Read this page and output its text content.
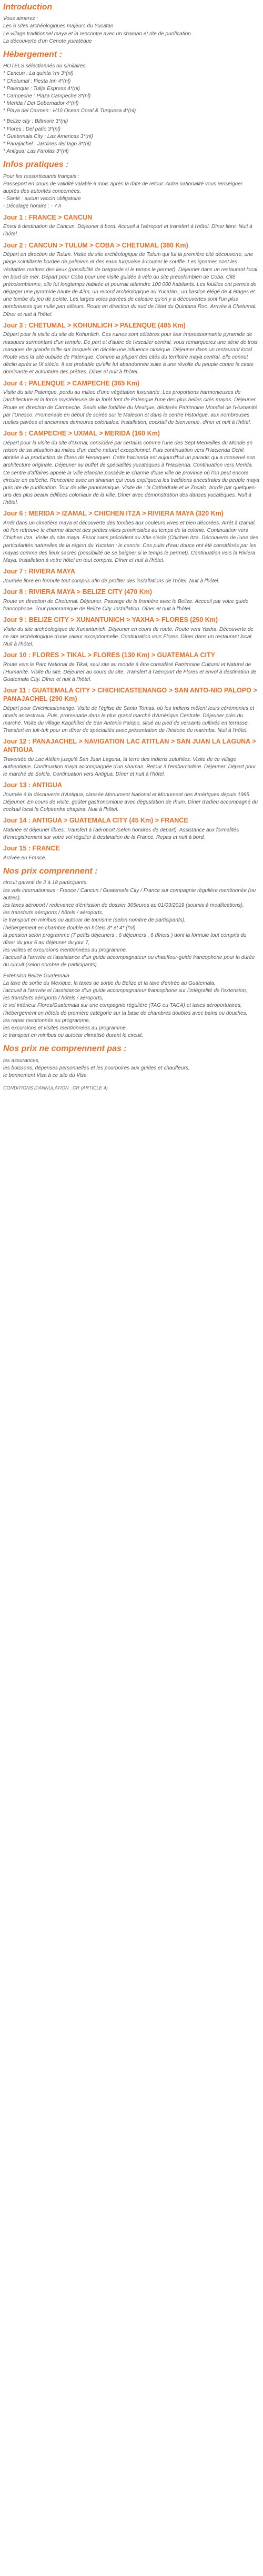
Introduction

Vous aimerez :

Les 6 sites archéologiques majeurs du Yucatan

Le village traditionnel maya et la rencontre avec un shaman et rite de purification.

La découverte d'un Cenote yucatèque

Hébergement :

HOTELS sélectionnés ou similaires

* Cancun : La quinta 'rm 3*(nl)

* Chetumal : Fiesta Inn 4*(nl)

* Palenque : Tulija Express 4*(nl)

* Campeche : Plaza Campeche 3*(nl)

* Merida / Del Gobernador 4*(nl)

* Playa del Carmen : H10 Ocean Coral & Turquesa 4*(nl)

* Belize city : Biltmore 3*(nl)

* Flores : Del patio 3*(nl)

* Guatemala City : Las Americas 3*(nl)

* Panajachel : Jardines del lago 3*(nl)

* Antigua: Las Farolas 3*(nl)

Infos pratiques :

Pour les ressortissants français :

Passeport en cours de validité valable 6 mois après la date de retour. Autre nationalité vous renseigner auprès des autorités concernées.

- Santé : aucun vaccin obligatoire

- Décalage horaire : - 7 h

Jour 1 : FRANCE > CANCUN

Envol à destination de Cancun. Déjeuner à bord. Accueil à l'aéroport et transfert à l'hôtel. Dîner libre. Nuit à l'hôtel.

Jour 2 : CANCUN > TULUM > COBA > CHETUMAL (380 Km)

Départ en direction de Tulum. Visite du site archéologique de Tulum qui fut la première cité découverte, une plage scintillante bordée de palmiers et des eaux turquoise à couper le souffle. Les ignames sont les véritables maîtres des lieux (possibilité de baignade si le temps le permet). Déjeuner dans un restaurant local en bord de mer. Départ pour Coba pour une visite guidée à vélo du site précolombien de Coba. Cité précolombienne, elle fut longtemps habitée et pourrait atteindre 100 000 habitants. Les fouilles ont permis de dégager une pyramide haute de 42m, un record archéologique au Yucatan ; un bastion élégé de 4 étages et une tombe du jeu de pelote. Les larges voies pavées de calcaire qu'on y a découvertes sont l'un plus nombreuses que nulle part ailleurs. Route en direction du sud de l'état du Quintana Roo. Arrivée à Chetumal. Dîner et nuit à l'hôtel.

Jour 3 : CHETUMAL > KOHUNLICH > PALENQUE (485 Km)

Départ pour la visite du site de Kohunlich. Ces ruines sont célèbres pour leur impressionnante pyramide de masques surmontant d'un temple. De part et d'autre de l'escalier central, vous remarquerez une série de trois masques de grande taille sur lesquels on décèle une influence olmèque. Déjeuner dans un restaurant local. Route vers la cité oubliée de Palenque. Comme la plupart des cités du territoire maya central, elle connut déclin après le IX siècle. Il est probable qu'elle fut abandonnée suite à une révolte du peuple contre la caste dominante et autoritaire des prêtres. Dîner et nuit à l'hôtel.

Jour 4 : PALENQUE > CAMPECHE (365 Km)

Visite du site Palenque, perdu au milieu d'une végétation luxuriante. Les proportions harmonieuses de l'architecture et la force mystérieuse de la forêt font de Palenque l'une des plus belles cités mayas. Déjeuner. Route en direction de Campeche. Seule ville fortifiée du Mexique, déclarée Patrimoine Mondial de l'Humanité par l'Unesco. Promenade en début de soirée sur le Malecon et dans le centre historique, aux nombreuses ruelles pavées et anciennes demeures coloniales. Installation, cocktail de bienvenue, dîner et nuit à l'hôtel.

Jour 5 : CAMPECHE > UXMAL > MERIDA (160 Km)

Départ pour la visite du site d'Uxmal, considéré par certains comme l'une des Sept Merveilles du Monde en raison de sa situation au milieu d'un cadre naturel exceptionnel. Puis continuation vers l'Hacienda Ochil, abritée à la production de fibres de Henequen. Cette hacienda est aujourd'hui un paradis qui a conservé son architecture originale. Déjeuner au buffet de spécialités yucatèques à l'Hacienda. Continuation vers Merida. Ce centre d'affaires appelé la Ville Blanche possède le charme d'une ville de province où l'on peut encore circuler en calèche. Rencontre avec un shaman qui vous expliquera les traditions ancestrales du peuple maya puis rite de purification. Tour de ville panoramique. Visite de : la Cathédrale et le Zocalo, bordé par quelques-uns des plus beaux édifices coloniaux de la ville. Dîner avec démonstration des danses yucatèques. Nuit à l'hôtel.

Jour 6 : MERIDA > IZAMAL > CHICHEN ITZA > RIVIERA MAYA (320 Km)

Arrêt dans un cimetière maya et découverte des tombes aux couleurs vives et bien décorées. Arrêt à Izamal, où l'on retrouve le charme discret des petites villes provinciales au temps de la colonie. Continuation vers Chichen Itza. Visite du site maya. Essor sans précédent au XIIe siècle (Chichen Itza. Découverte de l'une des particularités naturelles de la région du Yucatan : le cenote. Ces puits d'eau douce ont été considérés par les mayas comme des lieux sacrés (possibilité de se baigner si le temps le permet). Continuation vers la Riviera Maya. Installation à votre hôtel en tout compris. Dîner et nuit à l'hôtel.

Jour 7 : RIVIERA MAYA

Journée libre en formule tout compris afin de profiter des installations de l'hôtel. Nuit à l'hôtel.

Jour 8 : RIVIERA MAYA > BELIZE CITY (470 Km)

Route en direction de Chetumal. Déjeuner. Passage de la frontière avec le Belize. Accueil par votre guide francophone. Tour panoramique de Belize City. Installation. Dîner et nuit à l'hôtel.

Jour 9 : BELIZE CITY > XUNANTUNICH > YAXHA > FLORES (250 Km)

Visite du site archéologique de Xunantunich. Déjeuner en cours de route. Route vers Yaxha. Découverte de ce site archéologique d'une valeur exceptionnelle. Continuation vers Flores. Dîner dans un restaurant local. Nuit à l'hôtel.

Jour 10 : FLORES > TIKAL > FLORES (130 Km) > GUATEMALA CITY

Route vers le Parc National de Tikal, seul site au monde à être considéré Patrimoine Culturel et Naturel de l'Humanité. Visite du site. Déjeuner au cours du site. Transfert à l'aéroport de Flores et envol à destination de Guatemala City. Dîner et nuit à l'hôtel.

Jour 11 : GUATEMALA CITY > CHICHICASTENANGO > SAN ANTO-NIO PALOPO > PANAJACHEL (290 Km)

Départ pour Chichicastenango. Visite de l'église de Santo Tomas, où les Indiens mêlent leurs cérémonies et rituels ancestraux. Puis, promenade dans le plus grand marché d'Amérique Centrale. Déjeuner près du marché. Visite du village Kaqchikel de San Antonio Palopo, situé au pied de versants cultivés en terrasse. Transfert en tuk-tuk pour un dîner de spécialités avec présentation de l'histoire du marimba. Nuit à l'hôtel.

Jour 12 : PANAJACHEL > NAVIGATION LAC ATITLAN > SAN JUAN LA LAGUNA > ANTIGUA

Traversée du Lac Atitlan jusqu'à San Juan Laguna, la terre des indiens zutuhiles. Visite de ce village authentique. Continuation maya accompagnée d'un shaman. Retour à l'embarcadère. Déjeuner. Départ pour le marché de Solola. Continuation vers Antigua. Dîner et nuit à l'hôtel.

Jour 13 : ANTIGUA

Journée à la découverte d'Antigua, classée Monument National et Monument des Amériques depuis 1965. Déjeuner. En cours de visite, goûter gastronomique avec dégustation de rhum. Dîner d'adieu accompagné du cocktail local la Colpiranha chapina. Nuit à l'hôtel.

Jour 14 : ANTIGUA > GUATEMALA CITY (45 Km) > FRANCE

Matinée et déjeuner libres. Transfert à l'aéroport (selon horaires de départ). Assistance aux formalités d'enregistrement sur votre vol régulier à destination de la France. Repas et nuit à bord.

Jour 15 : FRANCE

Arrivée en France.

Nos prix comprennent :

circuit garanti de 2 à 18 participants.

les vols internationaux : France / Cancun / Guatemala City / France sur compagnie régulière mentionnée (ou autres),

les taxes aéroport / redevance d'émission de dossier 365euros au 01/03/2019 (soumis à modifications),

les transferts aéroports / hôtels / aéroports,

le transport en minibus ou autocar de tourisme (selon nombre de participants),

l'hébergement en chambre double en hôtels 3* et 4* (*nl),

la pension selon programme (7 petits déjeuners , 6 déjeuners , 6 dîners ) dont la formule tout compris du dîner du jour 6 au déjeuner du jour 7,

les visites et excursions mentionnées au programme,

l'accueil à l'arrivée et l'assistance d'un guide accompagnateur ou chauffeur-guide francophone pour la durée du circuit (selon nombre de participants).

Extension Belize Guatemala

La taxe de sortie du Mexique, la taxes de sortie du Belize et la taxe d'entrée au Guatemala,

l'accueil à l'arrivée et l'assistance d'un guide accompagnateur francophone sur l'intégralité de l'extension,

les transferts aéroports / hôtels / aéroports,

le vol intérieur Flores/Guatemala sur une compagnie régulière (TAG ou TACA) et taxes aéroportuaires,

l'hébergement en hôtels de première catégorie sur la base de chambres doubles avec bains ou douches,

les repas mentionnés au programme,

les excursions et visites mentionnées au programme,

le transport en minibus ou autocar climatisé durant le circuit.

Nos prix ne comprennent pas :

les assurances,

les boissons, dépenses personnelles et les pourboires aux guides et chauffeurs,

le bonnement Visa à ce site du Visa

CONDITIONS D'ANNULATION : CR (ARTICLE 4)
